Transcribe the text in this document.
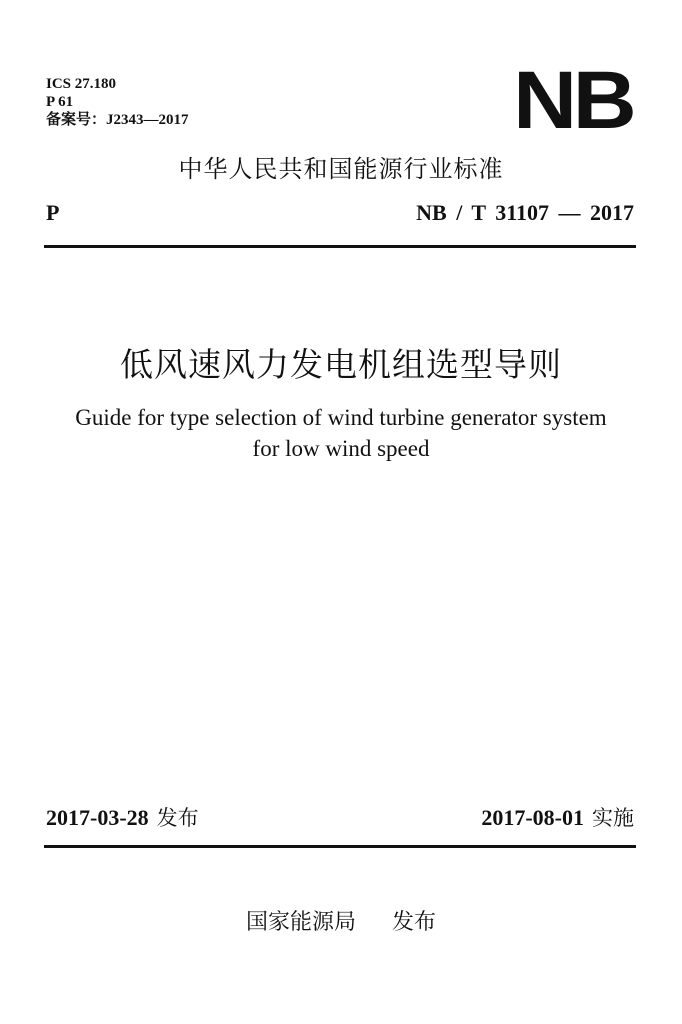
ICS 27.180
P 61
备案号：J2343—2017	NB
中华人民共和国能源行业标准
P	NB / T 31107 — 2017
低风速风力发电机组选型导则
Guide for type selection of wind turbine generator system
for low wind speed
2017-03-28 发布	2017-08-01 实施
国家能源局 发布
